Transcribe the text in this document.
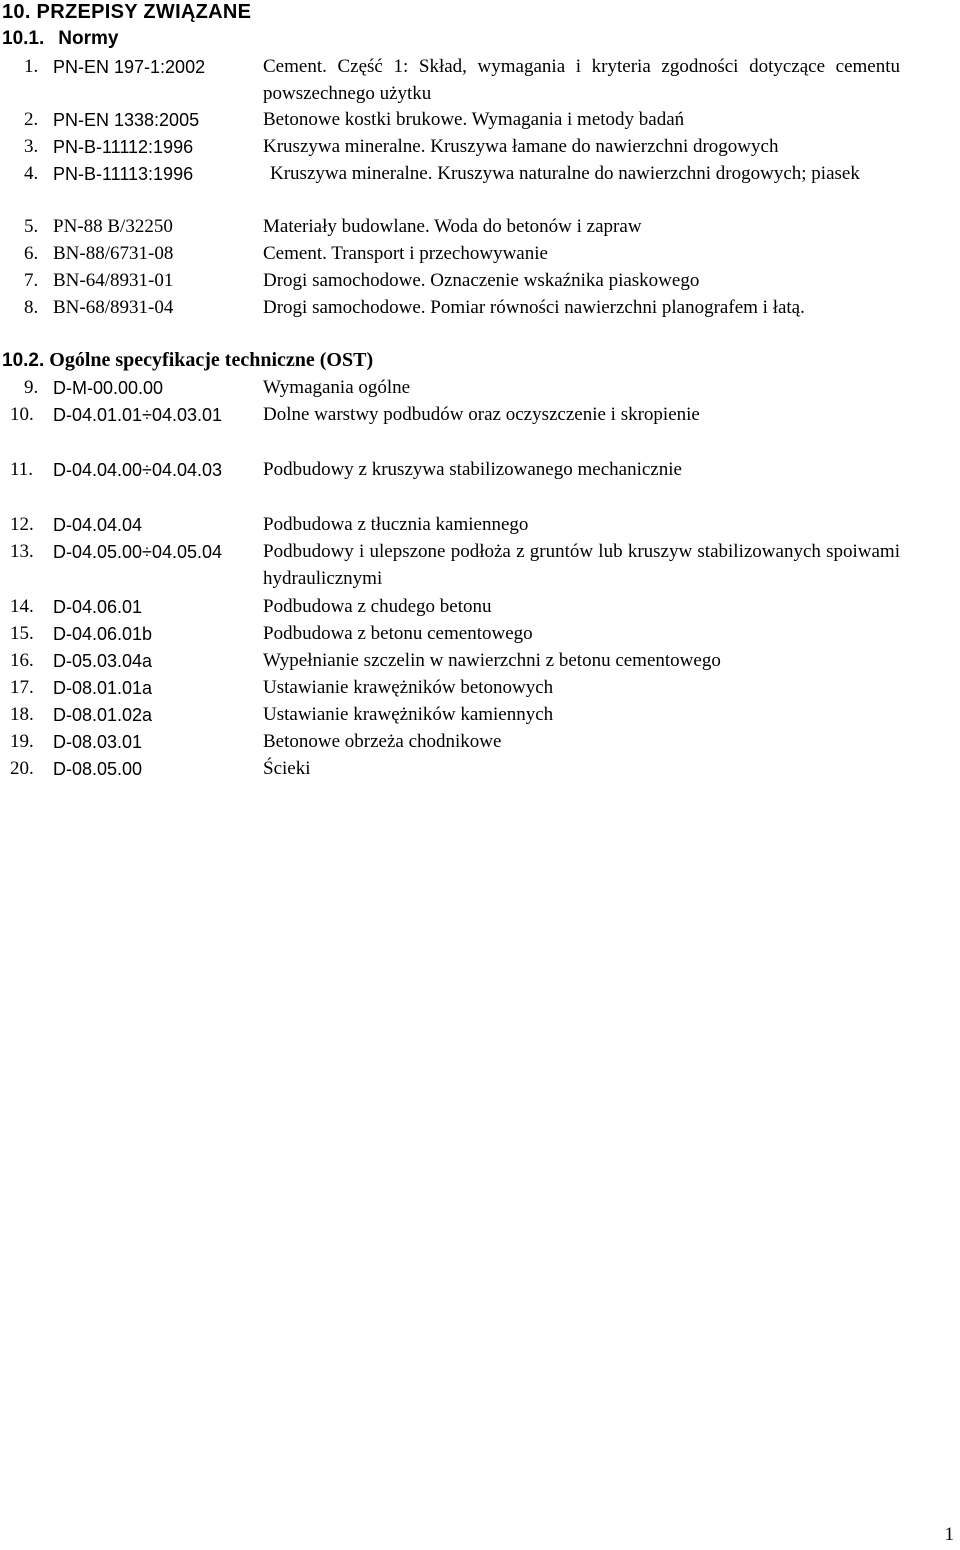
10. PRZEPISY ZWIĄZANE
10.1. Normy
1. PN-EN 197-1:2002	Cement. Część 1: Skład, wymagania i kryteria zgodności dotyczące cementu powszechnego użytku
2. PN-EN 1338:2005	Betonowe kostki brukowe. Wymagania i metody badań
3. PN-B-11112:1996	Kruszywa mineralne. Kruszywa łamane do nawierzchni drogowych
4. PN-B-11113:1996	Kruszywa mineralne. Kruszywa naturalne do nawierzchni drogowych; piasek
5. PN-88 B/32250	Materiały budowlane. Woda do betonów i zapraw
6. BN-88/6731-08	Cement. Transport i przechowywanie
7. BN-64/8931-01	Drogi samochodowe. Oznaczenie wskaźnika piaskowego
8. BN-68/8931-04	Drogi samochodowe. Pomiar równości nawierzchni planografem i łatą.
10.2. Ogólne specyfikacje techniczne (OST)
9. D-M-00.00.00	Wymagania ogólne
10. D-04.01.01÷04.03.01	Dolne warstwy podbudów oraz oczyszczenie i skropienie
11. D-04.04.00÷04.04.03	Podbudowy z kruszywa stabilizowanego mechanicznie
12. D-04.04.04	Podbudowa z tłucznia kamiennego
13. D-04.05.00÷04.05.04	Podbudowy i ulepszone podłoża z gruntów lub kruszyw stabilizowanych spoiwami hydraulicznymi
14. D-04.06.01	Podbudowa z chudego betonu
15. D-04.06.01b	Podbudowa z betonu cementowego
16. D-05.03.04a	Wypełnianie szczelin w nawierzchni z betonu cementowego
17. D-08.01.01a	Ustawianie krawężników betonowych
18. D-08.01.02a	Ustawianie krawężników kamiennych
19. D-08.03.01	Betonowe obrzeża chodnikowe
20. D-08.05.00	Ścieki
1
